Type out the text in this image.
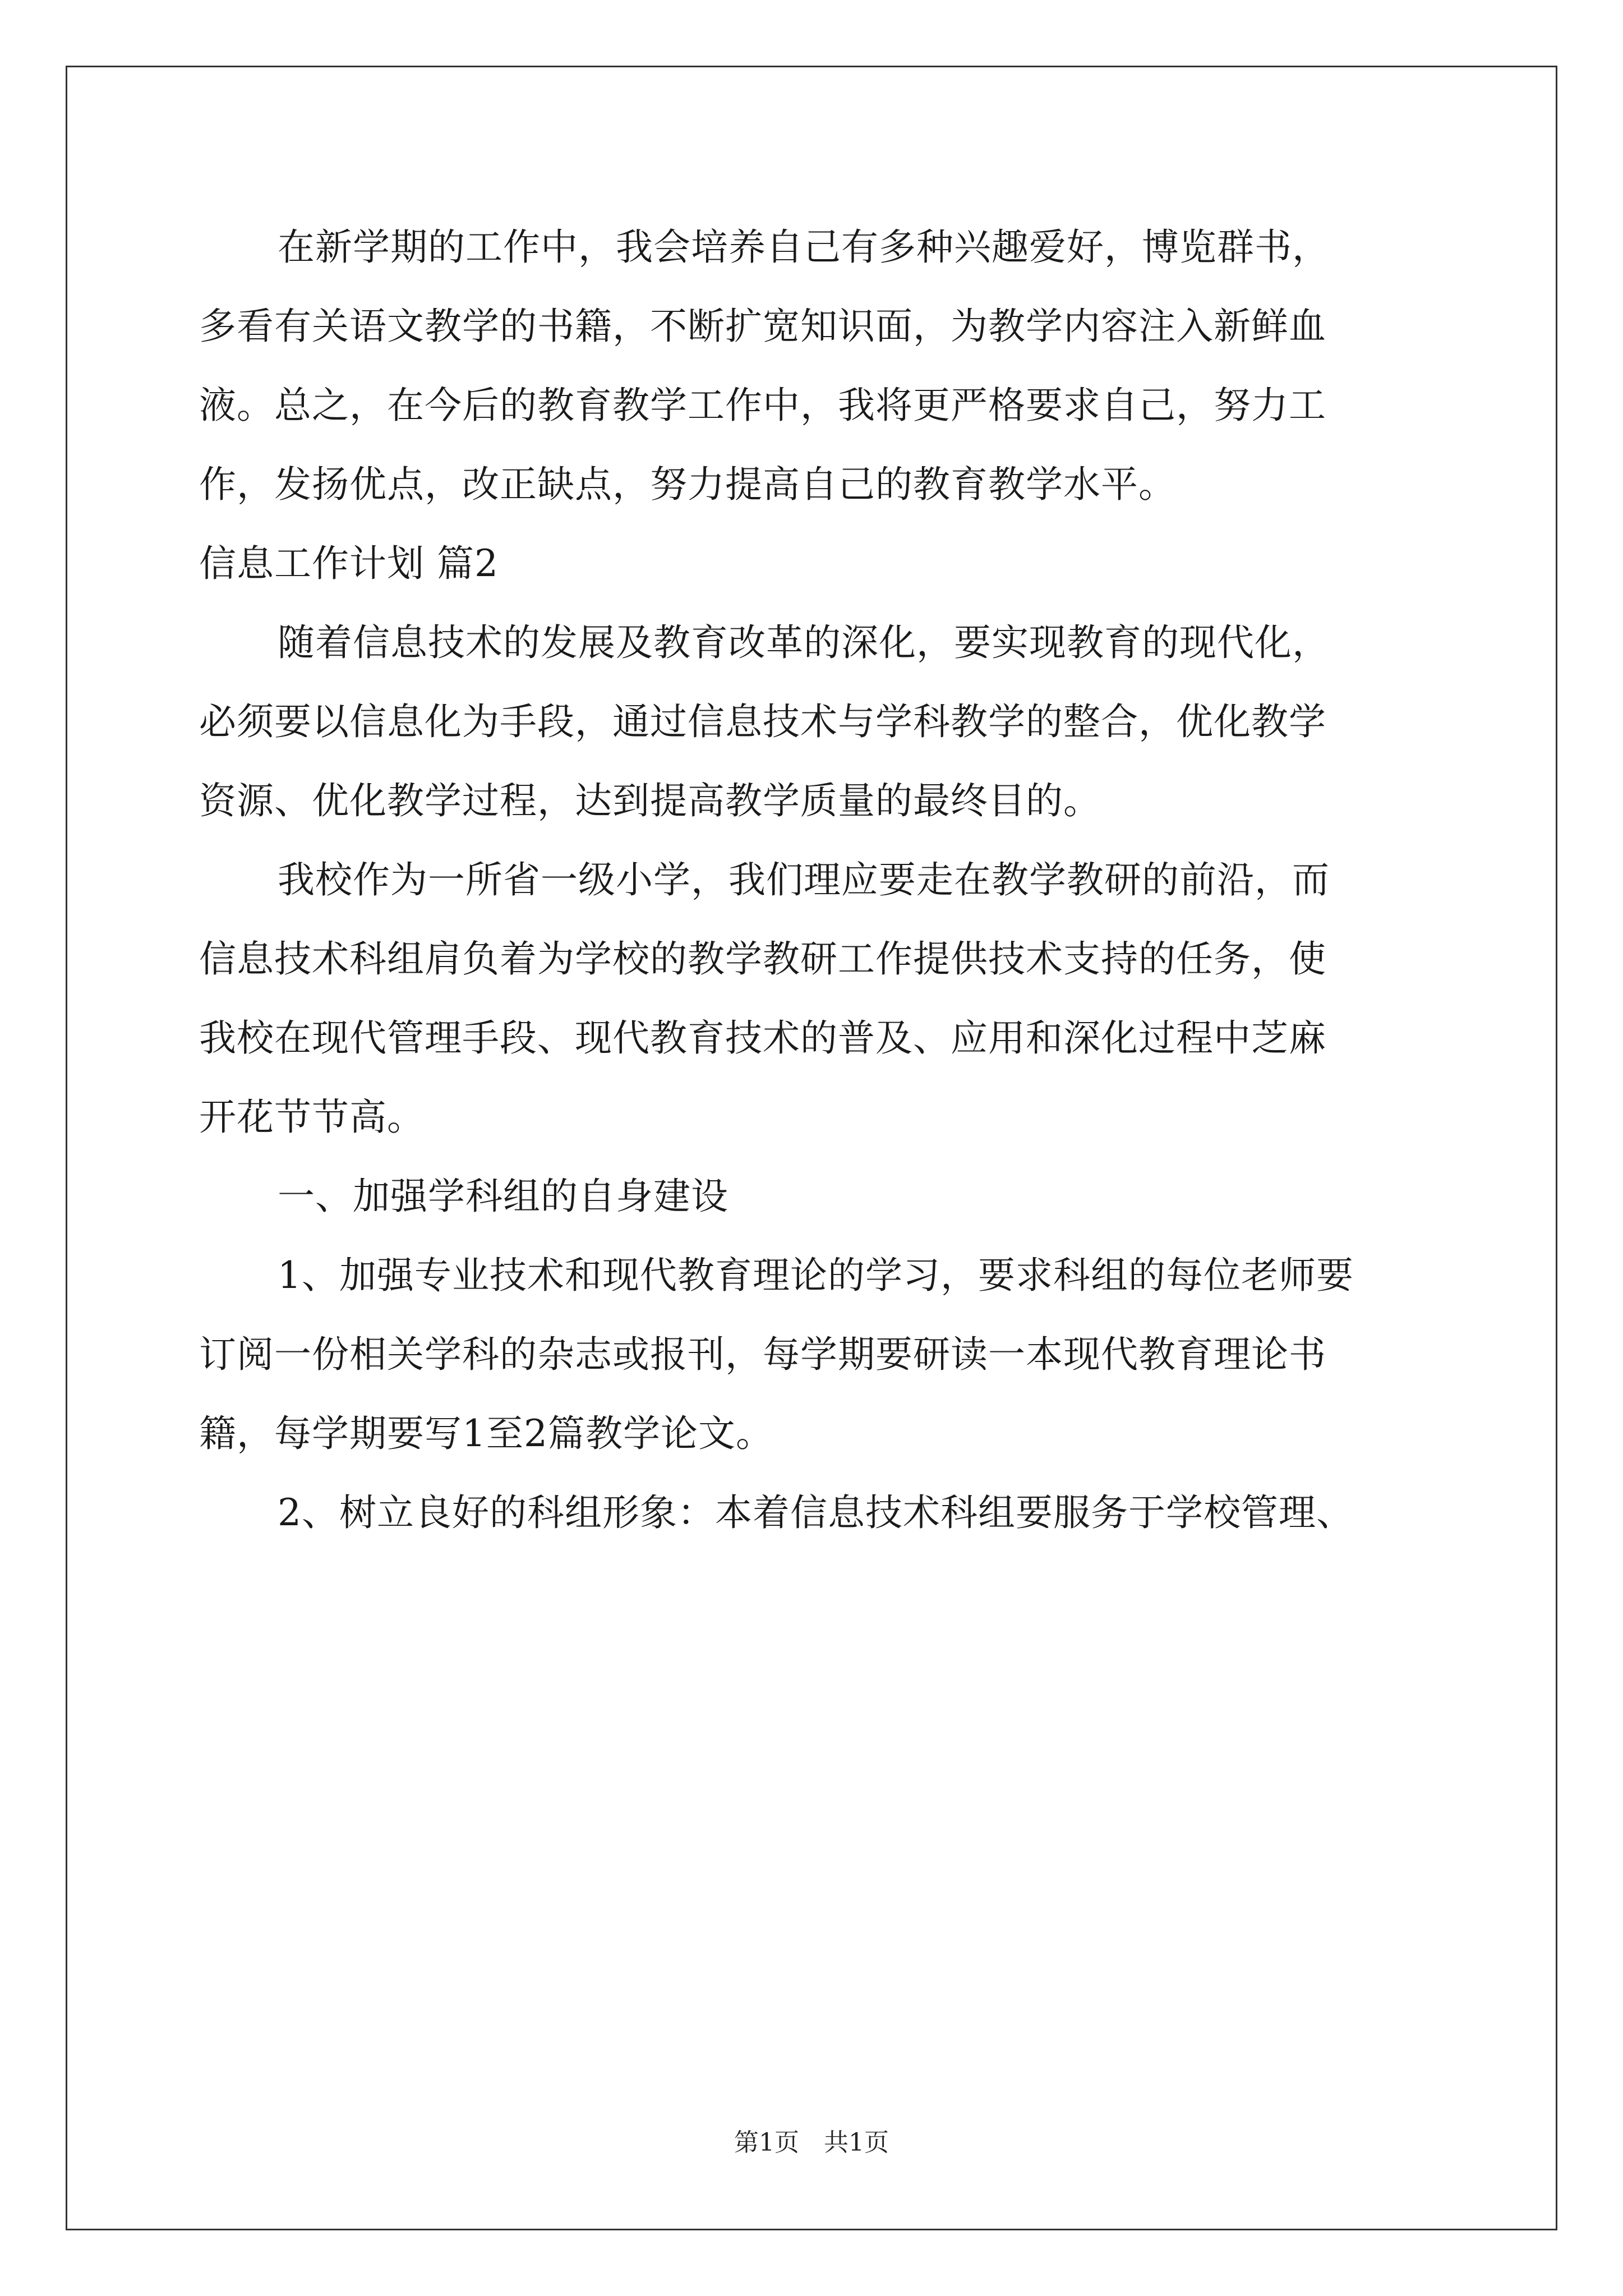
在新学期的工作中，我会培养自己有多种兴趣爱好，博览群书，

多看有关语文教学的书籍，不断扩宽知识面，为教学内容注入新鲜血

液。总之，在今后的教育教学工作中，我将更严格要求自己，努力工

作，发扬优点，改正缺点，努力提高自己的教育教学水平。

信息工作计划 篇2

随着信息技术的发展及教育改革的深化，要实现教育的现代化，

必须要以信息化为手段，通过信息技术与学科教学的整合，优化教学

资源、优化教学过程，达到提高教学质量的最终目的。

我校作为一所省一级小学，我们理应要走在教学教研的前沿，而

信息技术科组肩负着为学校的教学教研工作提供技术支持的任务，使

我校在现代管理手段、现代教育技术的普及、应用和深化过程中芝麻

开花节节高。

一、加强学科组的自身建设

1、加强专业技术和现代教育理论的学习，要求科组的每位老师要

订阅一份相关学科的杂志或报刊，每学期要研读一本现代教育理论书

籍，每学期要写1至2篇教学论文。

2、树立良好的科组形象：本着信息技术科组要服务于学校管理、

第1页　共1页
